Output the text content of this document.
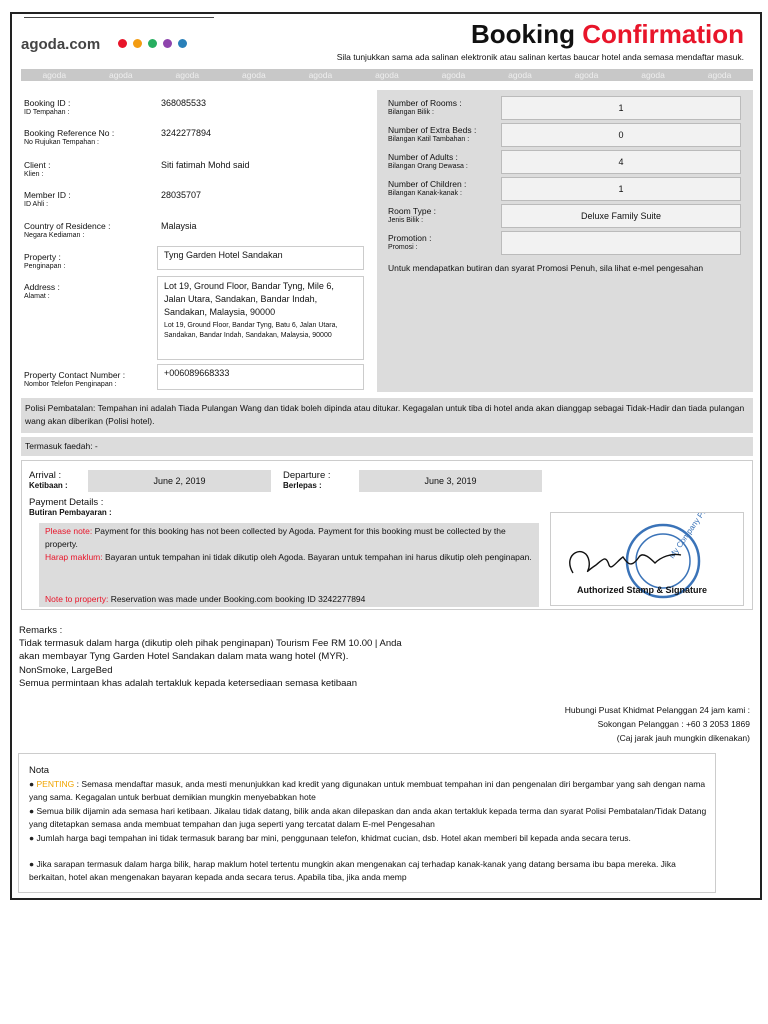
agoda.com	Booking Confirmation
Sila tunjukkan sama ada salinan elektronik atau salinan kertas baucar hotel anda semasa mendaftar masuk.
agoda	agoda	agoda	agoda	agoda	agoda	agoda	agoda	agoda	agoda	agoda
Booking ID :
ID Tempahan :
368085533
Booking Reference No :
No Rujukan Tempahan :
3242277894
Client :
Klien :
Siti fatimah Mohd said
Member ID :
ID Ahli :
28035707
Country of Residence :
Negara Kediaman :
Malaysia
Property :
Penginapan :
Tyng Garden Hotel Sandakan
Address :
Alamat :
Lot 19, Ground Floor, Bandar Tyng, Mile 6, Jalan Utara, Sandakan, Bandar Indah, Sandakan, Malaysia, 90000
Lot 19, Ground Floor, Bandar Tyng, Batu 6, Jalan Utara, Sandakan, Bandar Indah, Sandakan, Malaysia, 90000
Property Contact Number :
Nombor Telefon Penginapan :
+006089668333
Number of Rooms :
Bilangan Bilik :	1
Number of Extra Beds :
Bilangan Katil Tambahan :	0
Number of Adults :
Bilangan Orang Dewasa :	4
Number of Children :
Bilangan Kanak-kanak :	1
Room Type :
Jenis Bilik :	Deluxe Family Suite
Promotion :
Promosi :
Untuk mendapatkan butiran dan syarat Promosi Penuh, sila lihat e-mel pengesahan
Polisi Pembatalan: Tempahan ini adalah Tiada Pulangan Wang dan tidak boleh dipinda atau ditukar. Kegagalan untuk tiba di hotel anda akan dianggap sebagai Tidak-Hadir dan tiada pulangan wang akan diberikan (Polisi hotel).
Termasuk faedah: -
Arrival :
Ketibaan :	June 2, 2019	Departure :
Berlepas :	June 3, 2019
Payment Details :
Butiran Pembayaran :
Please note: Payment for this booking has not been collected by Agoda. Payment for this booking must be collected by the property.
Harap maklum: Bayaran untuk tempahan ini tidak dikutip oleh Agoda. Bayaran untuk tempahan ini harus dikutip oleh penginapan.
Note to property: Reservation was made under Booking.com booking ID 3242277894
My Company Pte.Ltd
Authorized Stamp & Signature
Remarks :
Tidak termasuk dalam harga (dikutip oleh pihak penginapan) Tourism Fee RM 10.00 | Anda
akan membayar Tyng Garden Hotel Sandakan dalam mata wang hotel (MYR).
NonSmoke, LargeBed
Semua permintaan khas adalah tertakluk kepada ketersediaan semasa ketibaan
Hubungi Pusat Khidmat Pelanggan 24 jam kami :
Sokongan Pelanggan : +60 3 2053 1869
(Caj jarak jauh mungkin dikenakan)
Nota
● PENTING : Semasa mendaftar masuk, anda mesti menunjukkan kad kredit yang digunakan untuk membuat tempahan ini dan pengenalan diri bergambar yang sah dengan nama yang sama. Kegagalan untuk berbuat demikian mungkin menyebabkan hote
● Semua bilik dijamin ada semasa hari ketibaan. Jikalau tidak datang, bilik anda akan dilepaskan dan anda akan tertakluk kepada terma dan syarat Polisi Pembatalan/Tidak Datang yang ditetapkan semasa anda membuat tempahan dan juga seperti yang tercatat dalam E-mel Pengesahan
● Jumlah harga bagi tempahan ini tidak termasuk barang bar mini, penggunaan telefon, khidmat cucian, dsb. Hotel akan memberi bil kepada anda secara terus.
● Jika sarapan termasuk dalam harga bilik, harap maklum hotel tertentu mungkin akan mengenakan caj terhadap kanak-kanak yang datang bersama ibu bapa mereka. Jika berkaitan, hotel akan mengenakan bayaran kepada anda secara terus. Apabila tiba, jika anda memp
